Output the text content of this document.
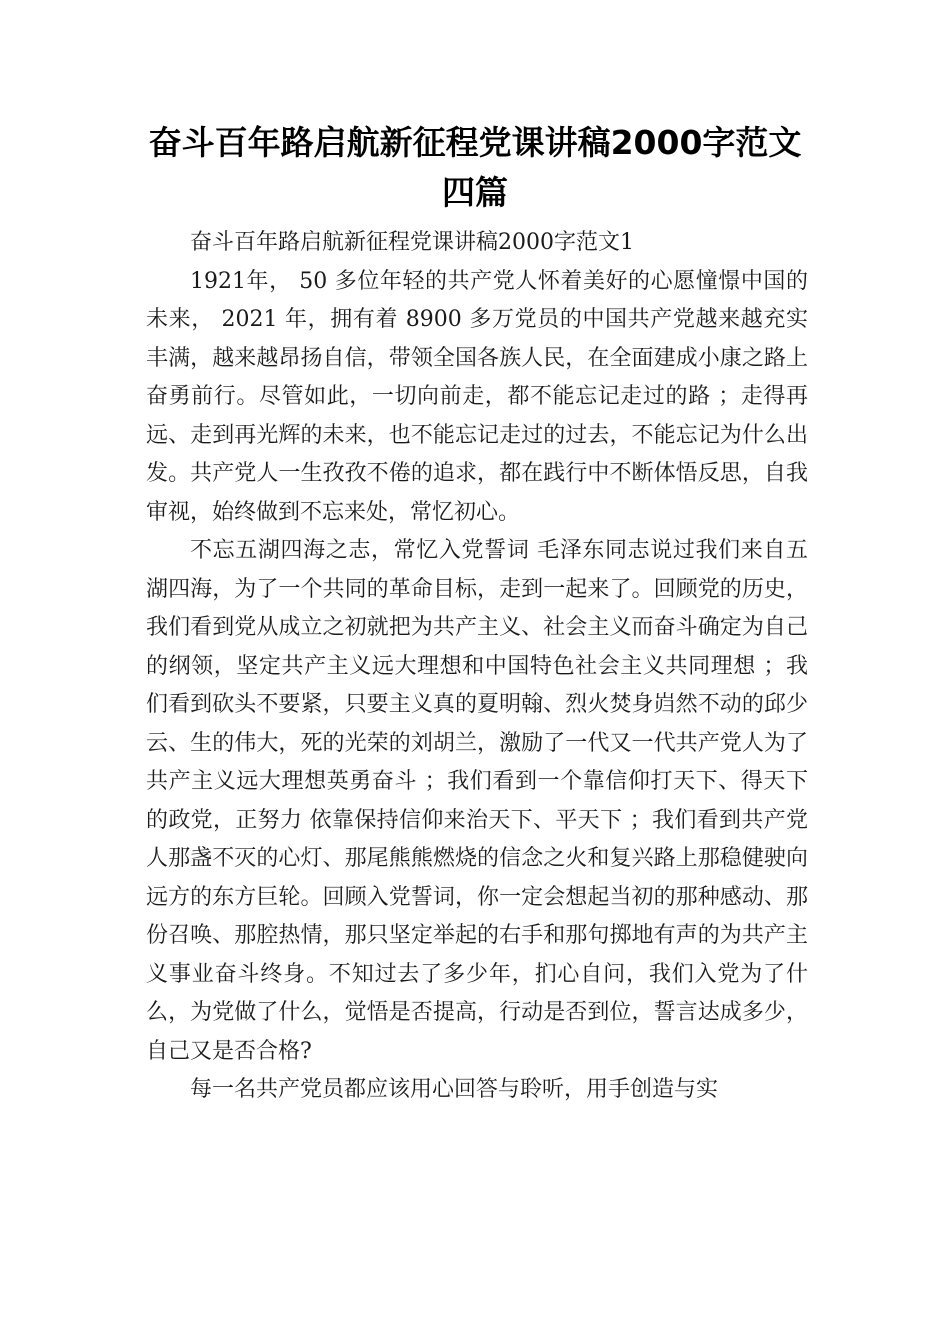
奋斗百年路启航新征程党课讲稿2000字范文四篇

奋斗百年路启航新征程党课讲稿2000字范文1

1921年， 50 多位年轻的共产党人怀着美好的心愿憧憬中国的未来， 2021 年，拥有着 8900 多万党员的中国共产党越来越充实丰满，越来越昂扬自信，带领全国各族人民，在全面建成小康之路上奋勇前行。尽管如此，一切向前走，都不能忘记走过的路 ；走得再远、走到再光辉的未来，也不能忘记走过的过去，不能忘记为什么出发。共产党人一生孜孜不倦的追求，都在践行中不断体悟反思，自我审视，始终做到不忘来处，常忆初心。

不忘五湖四海之志，常忆入党誓词 毛泽东同志说过我们来自五湖四海，为了一个共同的革命目标，走到一起来了。回顾党的历史，我们看到党从成立之初就把为共产主义、社会主义而奋斗确定为自己的纲领，坚定共产主义远大理想和中国特色社会主义共同理想 ；我们看到砍头不要紧，只要主义真的夏明翰、烈火焚身岿然不动的邱少云、生的伟大，死的光荣的刘胡兰，激励了一代又一代共产党人为了共产主义远大理想英勇奋斗 ；我们看到一个靠信仰打天下、得天下的政党，正努力 依靠保持信仰来治天下、平天下 ；我们看到共产党人那盏不灭的心灯、那尾熊熊燃烧的信念之火和复兴路上那稳健驶向远方的东方巨轮。回顾入党誓词，你一定会想起当初的那种感动、那份召唤、那腔热情，那只坚定举起的右手和那句掷地有声的为共产主义事业奋斗终身。不知过去了多少年，扪心自问，我们入党为了什么，为党做了什么，觉悟是否提高，行动是否到位，誓言达成多少，自己又是否合格?

每一名共产党员都应该用心回答与聆听，用手创造与实
